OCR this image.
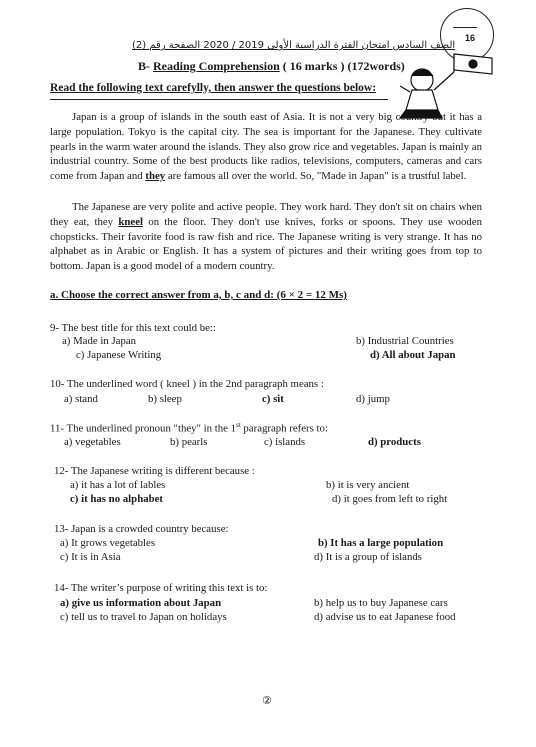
الصف السادس امتحان الفترة الدراسية الأولى 2019 / 2020 الصفحة رقم (2)
16
B- Reading Comprehension ( 16 marks ) (172words)
Read the following text carefylly, then answer the questions below:

Japan is a group of islands in the south east of Asia. It is not a very big country but it has a large population. Tokyo is the capital city. The sea is important for the Japanese. They cultivate pearls in the warm water around the islands. They also grow rice and vegetables. Japan is mainly an industrial country. Some of the best products like radios, televisions, computers, cameras and cars come from Japan and they are famous all over the world. So, "Made in Japan" is a trustful label.

The Japanese are very polite and active people. They work hard. They don't sit on chairs when they eat, they kneel on the floor. They don't use knives, forks or spoons. They use wooden chopsticks. Their favorite food is raw fish and rice. The Japanese writing is very strange. It has no alphabet as in Arabic or English. It has a system of pictures and their writing goes from top to bottom. Japan is a good model of a modern country.

a. Choose the correct answer from a, b, c and d: (6 × 2 = 12 Ms)
9- The best title for this text could be::
a) Made in Japan	b) Industrial Countries
c) Japanese Writing	d) All about Japan
10- The underlined word ( kneel ) in the 2nd paragraph means :
a) stand	b) sleep	c) sit	d) jump
11- The underlined pronoun "they" in the 1st paragraph refers to:
a) vegetables	b) pearls	c) islands	d) products
12- The Japanese writing is different because :
a) it has a lot of lables	b) it is very ancient
c) it has no alphabet	d) it goes from left to right
13- Japan is a crowded country because:
a) It grows vegetables	b) It has a large population
c) It is in Asia	d) It is a group of islands
14- The writer’s purpose of writing this text is to:
a) give us information about Japan	b) help us to buy Japanese cars
c) tell us to travel to Japan on holidays	d) advise us to eat Japanese food
②
